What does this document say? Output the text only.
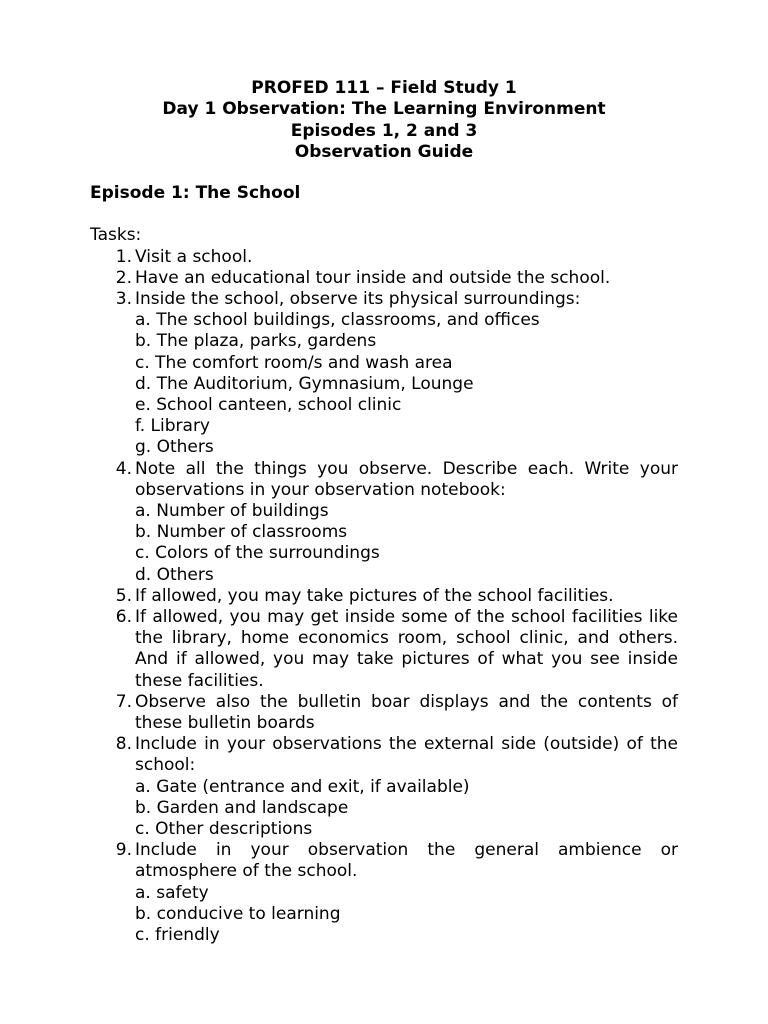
PROFED 111 – Field Study 1
Day 1 Observation: The Learning Environment
Episodes 1, 2 and 3
Observation Guide
Episode 1: The School
Tasks:
1. Visit a school.
2. Have an educational tour inside and outside the school.
3. Inside the school, observe its physical surroundings:
a. The school buildings, classrooms, and offices
b. The plaza, parks, gardens
c. The comfort room/s and wash area
d. The Auditorium, Gymnasium, Lounge
e. School canteen, school clinic
f. Library
g. Others
4. Note all the things you observe. Describe each. Write your observations in your observation notebook:
a. Number of buildings
b. Number of classrooms
c. Colors of the surroundings
d. Others
5. If allowed, you may take pictures of the school facilities.
6. If allowed, you may get inside some of the school facilities like the library, home economics room, school clinic, and others. And if allowed, you may take pictures of what you see inside these facilities.
7. Observe also the bulletin boar displays and the contents of these bulletin boards
8. Include in your observations the external side (outside) of the school:
a. Gate (entrance and exit, if available)
b. Garden and landscape
c. Other descriptions
9. Include in your observation the general ambience or atmosphere of the school.
a. safety
b. conducive to learning
c. friendly
